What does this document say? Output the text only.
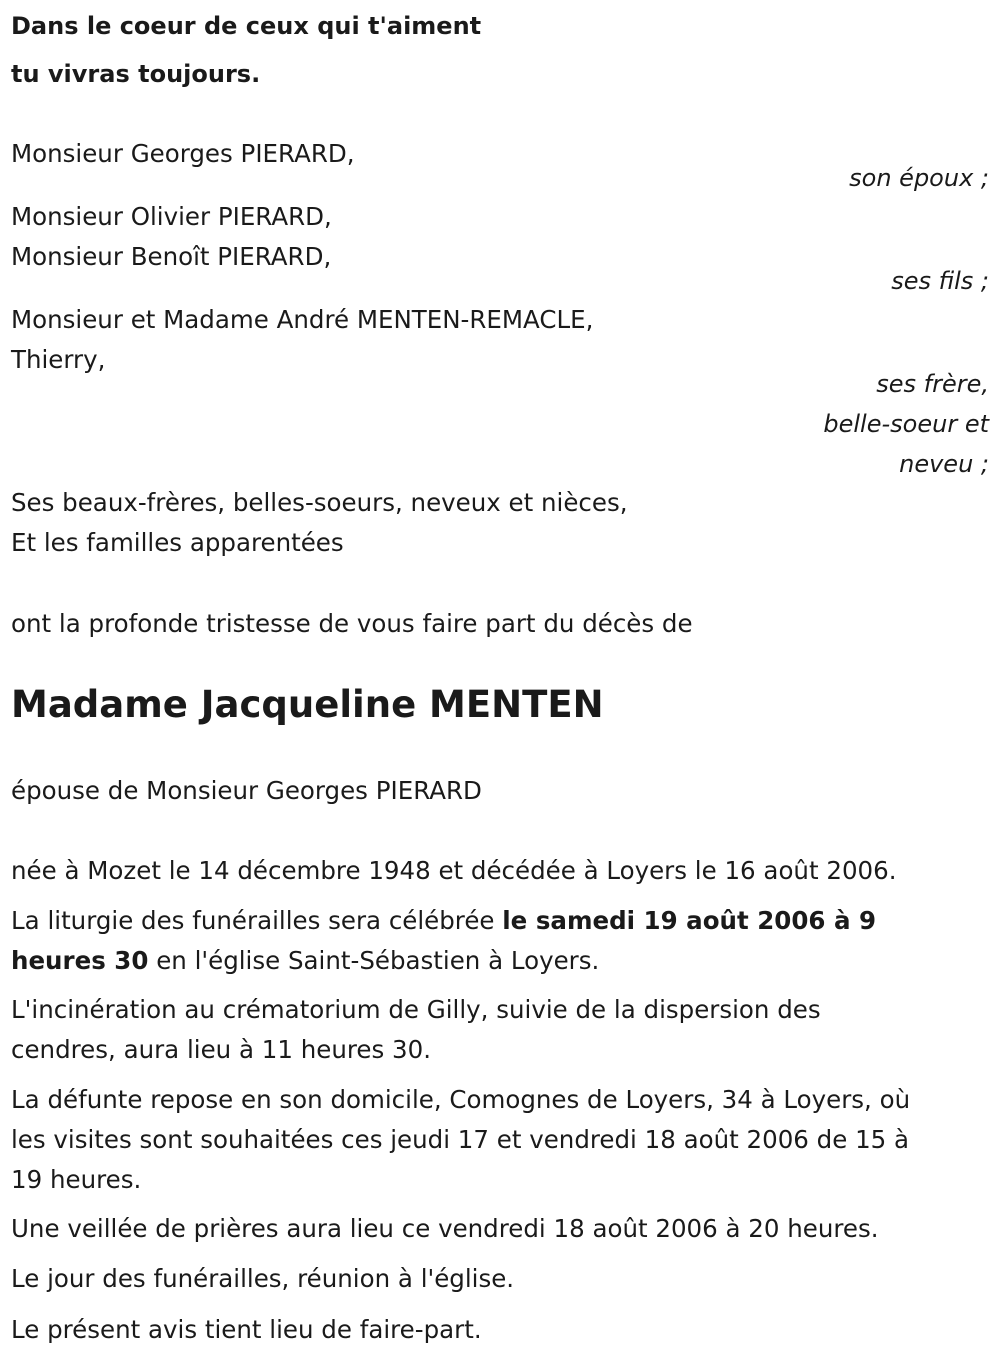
Dans le coeur de ceux qui t'aiment
tu vivras toujours.
Monsieur Georges PIERARD,
son époux ;
Monsieur Olivier PIERARD,
Monsieur Benoît PIERARD,
ses fils ;
Monsieur et Madame André MENTEN-REMACLE,
Thierry,
ses frère,
belle-soeur et
neveu ;
Ses beaux-frères, belles-soeurs, neveux et nièces,
Et les familles apparentées
ont la profonde tristesse de vous faire part du décès de
Madame Jacqueline MENTEN
épouse de Monsieur Georges PIERARD
née à Mozet le 14 décembre 1948 et décédée à Loyers le 16 août 2006.
La liturgie des funérailles sera célébrée le samedi 19 août 2006 à 9
heures 30 en l'église Saint-Sébastien à Loyers.
L'incinération au crématorium de Gilly, suivie de la dispersion des
cendres, aura lieu à 11 heures 30.
La défunte repose en son domicile, Comognes de Loyers, 34 à Loyers, où
les visites sont souhaitées ces jeudi 17 et vendredi 18 août 2006 de 15 à
19 heures.
Une veillée de prières aura lieu ce vendredi 18 août 2006 à 20 heures.
Le jour des funérailles, réunion à l'église.
Le présent avis tient lieu de faire-part.
